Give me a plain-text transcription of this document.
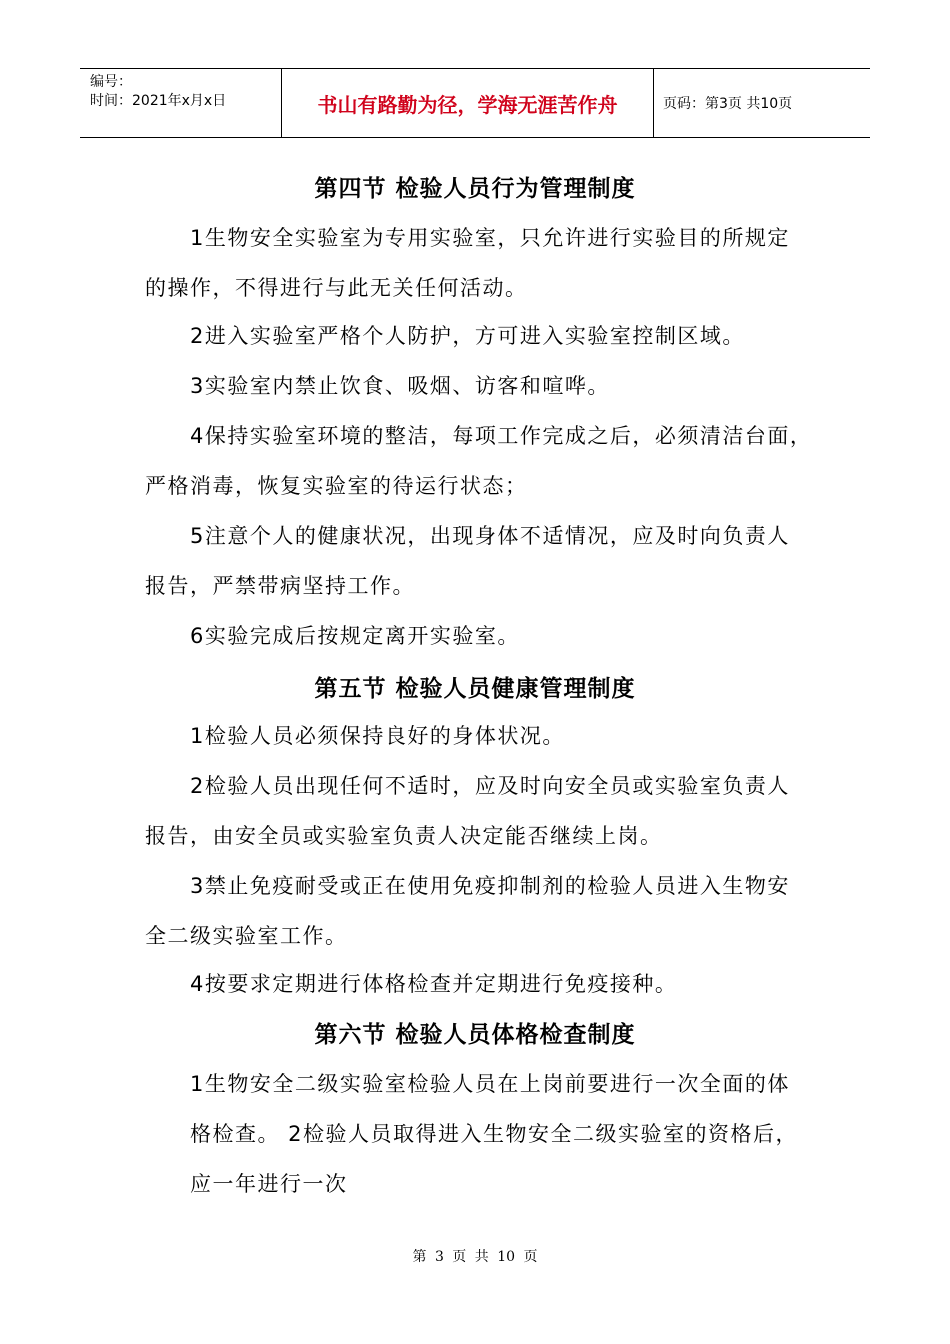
编号：
时间：2021年x月x日	书山有路勤为径，学海无涯苦作舟	页码：第3页 共10页
第四节 检验人员行为管理制度
1生物安全实验室为专用实验室，只允许进行实验目的所规定
的操作，不得进行与此无关任何活动。
2进入实验室严格个人防护，方可进入实验室控制区域。
3实验室内禁止饮食、吸烟、访客和喧哗。
4保持实验室环境的整洁，每项工作完成之后，必须清洁台面，
严格消毒，恢复实验室的待运行状态；
5注意个人的健康状况，出现身体不适情况，应及时向负责人
报告，严禁带病坚持工作。
6实验完成后按规定离开实验室。
第五节 检验人员健康管理制度
1检验人员必须保持良好的身体状况。
2检验人员出现任何不适时，应及时向安全员或实验室负责人
报告，由安全员或实验室负责人决定能否继续上岗。
3禁止免疫耐受或正在使用免疫抑制剂的检验人员进入生物安
全二级实验室工作。
4按要求定期进行体格检查并定期进行免疫接种。
第六节 检验人员体格检查制度
1生物安全二级实验室检验人员在上岗前要进行一次全面的体
格检查。 2检验人员取得进入生物安全二级实验室的资格后，
应一年进行一次
第 3 页 共 10 页
